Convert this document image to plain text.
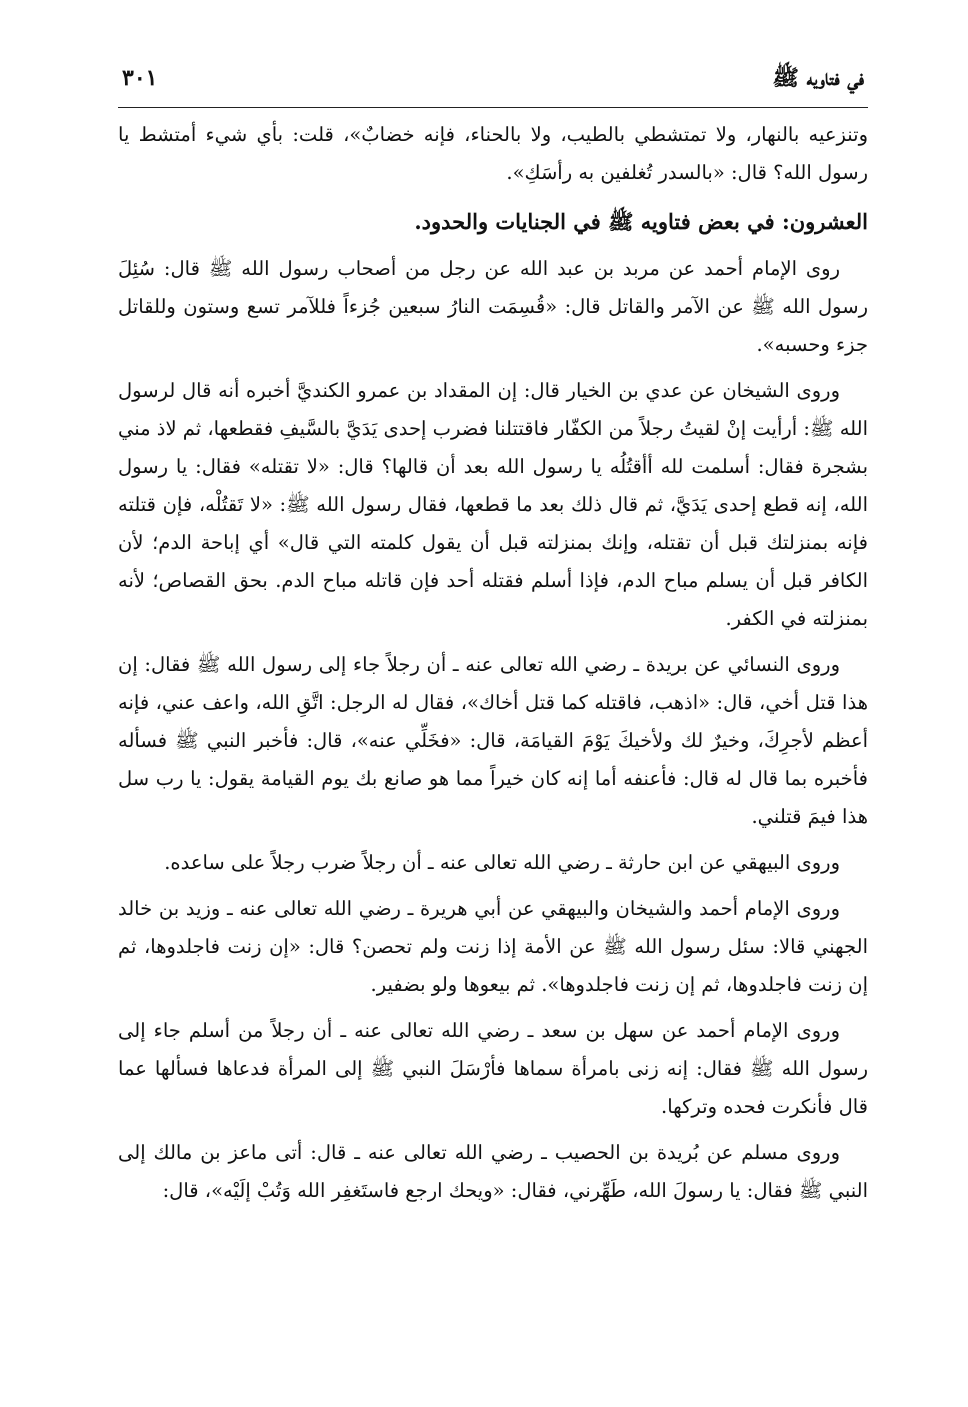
في فتاويه ﷺ
٣٠١

وتنزعيه بالنهار، ولا تمتشطي بالطيب، ولا بالحناء، فإنه خضابٌ»، قلت: بأي شيء أمتشط يا رسول الله؟ قال: «بالسدر تُغلفين به رأسَكِ».

العشرون: في بعض فتاويه ﷺ في الجنايات والحدود.

روى الإمام أحمد عن مربد بن عبد الله عن رجل من أصحاب رسول الله ﷺ قال: سُئِلَ رسول الله ﷺ عن الآمر والقاتل قال: «قُسِمَت النارُ سبعين جُزءاً فللآمر تسع وستون وللقاتل جزء وحسبه».

وروى الشيخان عن عدي بن الخيار قال: إن المقداد بن عمرو الكنديَّ أخبره أنه قال لرسول الله ﷺ: أرأيت إنْ لقيتُ رجلاً من الكفّار فاقتتلنا فضرب إحدى يَدَيَّ بالسَّيفِ فقطعها، ثم لاذ مني بشجرة فقال: أسلمت لله أأقتُلُه يا رسول الله بعد أن قالها؟ قال: «لا تقتله» فقال: يا رسول الله، إنه قطع إحدى يَدَيَّ، ثم قال ذلك بعد ما قطعها، فقال رسول الله ﷺ: «لا تَقتُلْه، فإن قتلته فإنه بمنزلتك قبل أن تقتله، وإنك بمنزلته قبل أن يقول كلمته التي قال» أي إباحة الدم؛ لأن الكافر قبل أن يسلم مباح الدم، فإذا أسلم فقتله أحد فإن قاتله مباح الدم. بحق القصاص؛ لأنه بمنزلته في الكفر.

وروى النسائي عن بريدة ـ رضي الله تعالى عنه ـ أن رجلاً جاء إلى رسول الله ﷺ فقال: إن هذا قتل أخي، قال: «اذهب، فاقتله كما قتل أخاك»، فقال له الرجل: اتَّقِ الله، واعف عني، فإنه أعظم لأجرِكَ، وخيرٌ لك ولأخيكَ يَوْمَ القيامَة، قال: «فخَلِّي عنه»، قال: فأخبر النبي ﷺ فسأله فأخبره بما قال له قال: فأعنفه أما إنه كان خيراً مما هو صانع بك يوم القيامة يقول: يا رب سل هذا فيمَ قتلني.

وروى البيهقي عن ابن حارثة ـ رضي الله تعالى عنه ـ أن رجلاً ضرب رجلاً على ساعده.

وروى الإمام أحمد والشيخان والبيهقي عن أبي هريرة ـ رضي الله تعالى عنه ـ وزيد بن خالد الجهني قالا: سئل رسول الله ﷺ عن الأمة إذا زنت ولم تحصن؟ قال: «إن زنت فاجلدوها، ثم إن زنت فاجلدوها، ثم إن زنت فاجلدوها». ثم بيعوها ولو بضفير.

وروى الإمام أحمد عن سهل بن سعد ـ رضي الله تعالى عنه ـ أن رجلاً من أسلم جاء إلى رسول الله ﷺ فقال: إنه زنى بامرأة سماها فأرْسَلَ النبي ﷺ إلى المرأة فدعاها فسألها عما قال فأنكرت فحده وتركها.

وروى مسلم عن بُريدة بن الحصيب ـ رضي الله تعالى عنه ـ قال: أتى ماعز بن مالك إلى النبي ﷺ فقال: يا رسولَ الله، طَهِّرني، فقال: «ويحك ارجع فاستَغفِر الله وَتُبْ إلَيْه»، قال:
